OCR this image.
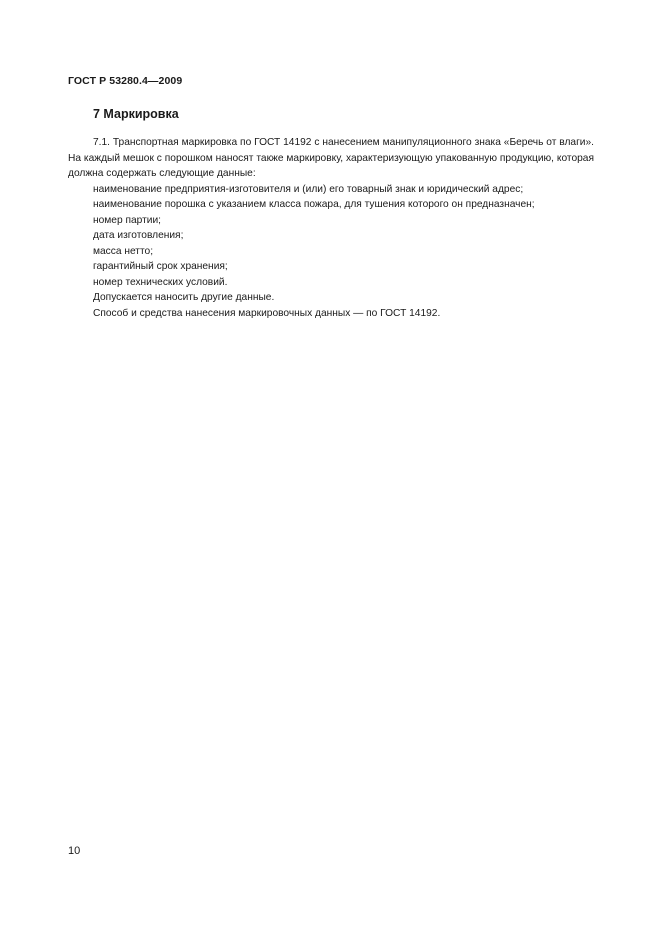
ГОСТ Р 53280.4—2009
7 Маркировка

7.1. Транспортная маркировка по ГОСТ 14192 с нанесением манипуляционного знака «Беречь от влаги». На каждый мешок с порошком наносят также маркировку, характеризующую упакованную продукцию, которая должна содержать следующие данные:

наименование предприятия-изготовителя и (или) его товарный знак и юридический адрес;
наименование порошка с указанием класса пожара, для тушения которого он предназначен;
номер партии;
дата изготовления;
масса нетто;
гарантийный срок хранения;
номер технических условий.
Допускается наносить другие данные.
Способ и средства нанесения маркировочных данных — по ГОСТ 14192.
10
